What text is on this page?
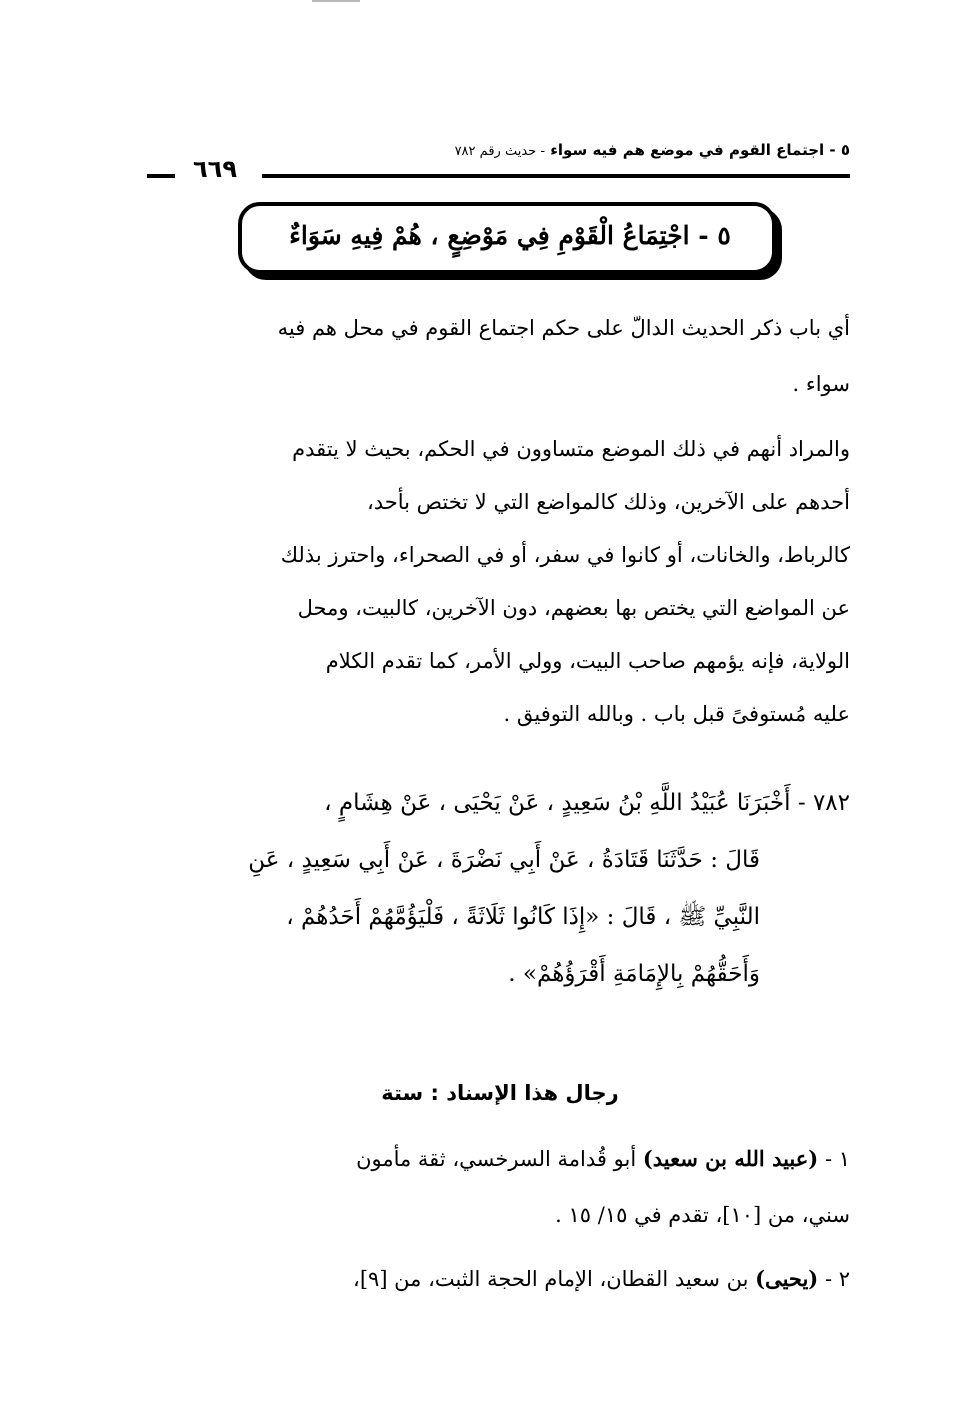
٥ - اجتماع القوم في موضع هم فيه سواء - حديث رقم ٧٨٢
٦٦٩
٥ - اجْتِمَاعُ الْقَوْمِ فِي مَوْضِعٍ ، هُمْ فِيهِ سَوَاءٌ
أي باب ذكر الحديث الدالّ على حكم اجتماع القوم في محل هم فيه
سواء .
والمراد أنهم في ذلك الموضع متساوون في الحكم، بحيث لا يتقدم
أحدهم على الآخرين، وذلك كالمواضع التي لا تختص بأحد،
كالرباط، والخانات، أو كانوا في سفر، أو في الصحراء، واحترز بذلك
عن المواضع التي يختص بها بعضهم، دون الآخرين، كالبيت، ومحل
الولاية، فإنه يؤمهم صاحب البيت، وولي الأمر، كما تقدم الكلام
عليه مُستوفىً قبل باب . وبالله التوفيق .
٧٨٢ - أَخْبَرَنَا عُبَيْدُ اللَّهِ بْنُ سَعِيدٍ ، عَنْ يَحْيَى ، عَنْ هِشَامٍ ،
قَالَ : حَدَّثَنَا قَتَادَةُ ، عَنْ أَبِي نَضْرَةَ ، عَنْ أَبِي سَعِيدٍ ، عَنِ
النَّبِيِّ ﷺ ، قَالَ : «إِذَا كَانُوا ثَلَاثَةً ، فَلْيَؤُمَّهُمْ أَحَدُهُمْ ،
وَأَحَقُّهُمْ بِالإِمَامَةِ أَقْرَؤُهُمْ» .
رجال هذا الإسناد : ستة
١ - (عبيد الله بن سعيد) أبو قُدامة السرخسي، ثقة مأمون
سني، من [١٠]، تقدم في ١٥/ ١٥ .
٢ - (يحيى) بن سعيد القطان، الإمام الحجة الثبت، من [٩]،
